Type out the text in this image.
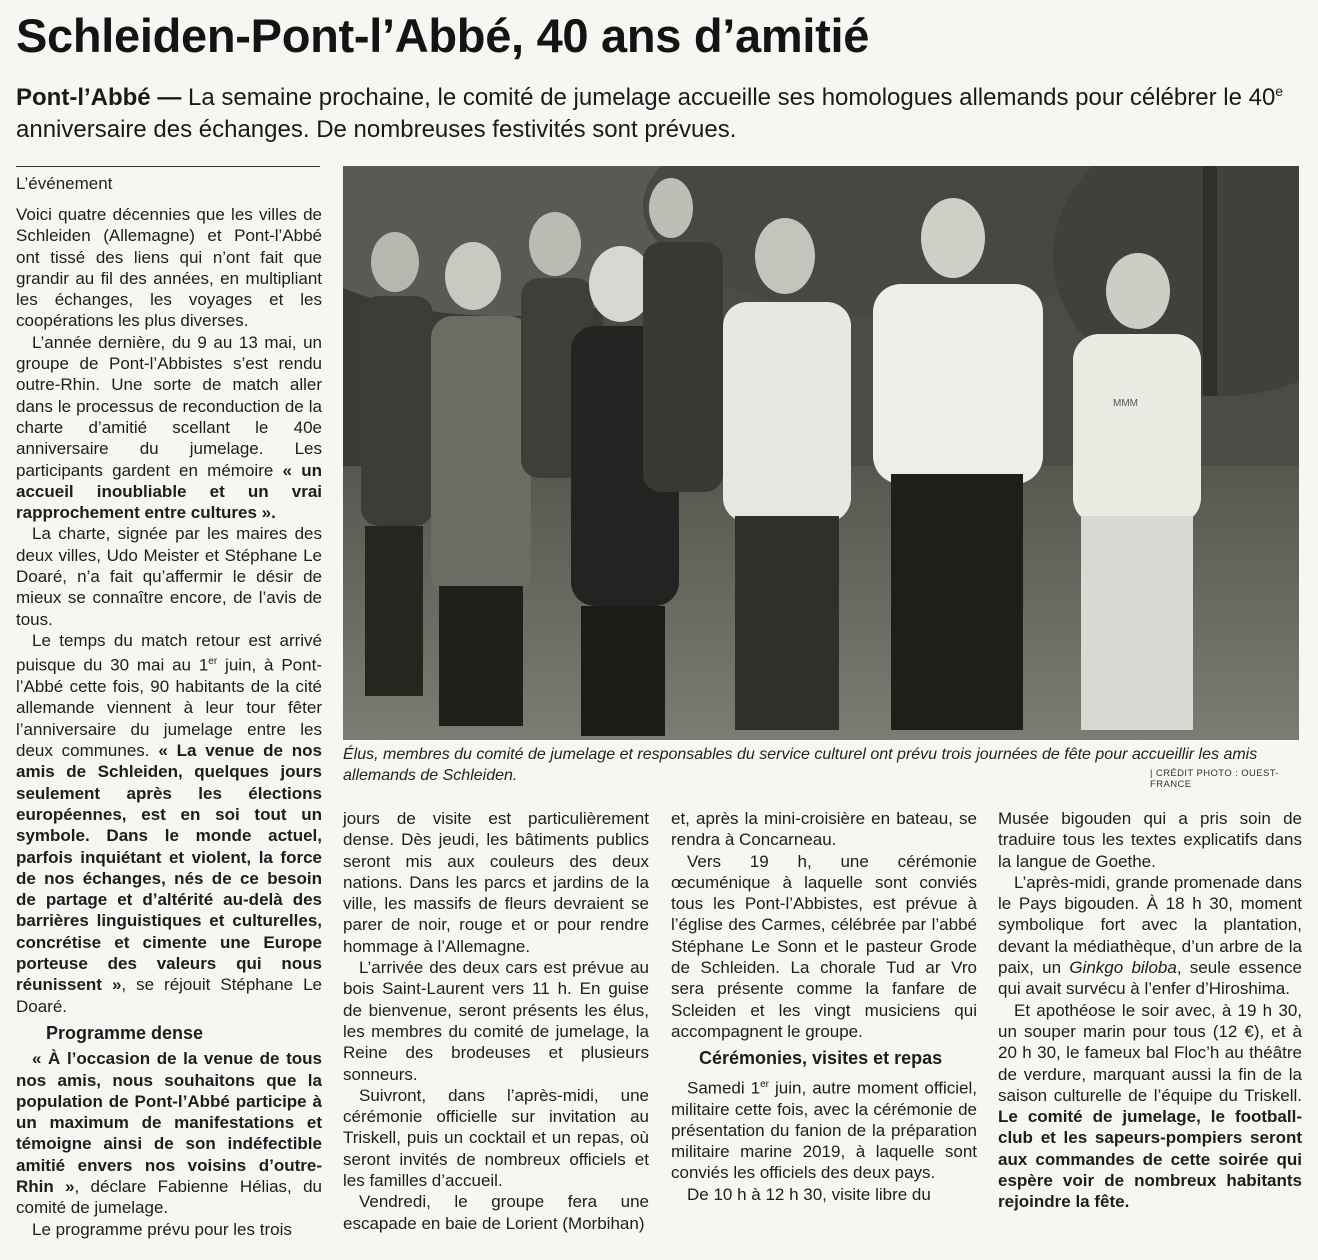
Schleiden-Pont-l’Abbé, 40 ans d’amitié
Pont-l’Abbé — La semaine prochaine, le comité de jumelage accueille ses homologues allemands pour célébrer le 40e anniversaire des échanges. De nombreuses festivités sont prévues.
L’événement

Voici quatre décennies que les villes de Schleiden (Allemagne) et Pont-l’Abbé ont tissé des liens qui n’ont fait que grandir au fil des années, en multipliant les échanges, les voyages et les coopérations les plus diverses.

L’année dernière, du 9 au 13 mai, un groupe de Pont-l’Abbistes s’est rendu outre-Rhin. Une sorte de match aller dans le processus de reconduction de la charte d’amitié scellant le 40e anniversaire du jumelage. Les participants gardent en mémoire « un accueil inoubliable et un vrai rapprochement entre cultures ».

La charte, signée par les maires des deux villes, Udo Meister et Stéphane Le Doaré, n’a fait qu’affermir le désir de mieux se connaître encore, de l’avis de tous.

Le temps du match retour est arrivé puisque du 30 mai au 1er juin, à Pont-l’Abbé cette fois, 90 habitants de la cité allemande viennent à leur tour fêter l’anniversaire du jumelage entre les deux communes. « La venue de nos amis de Schleiden, quelques jours seulement après les élections européennes, est en soi tout un symbole. Dans le monde actuel, parfois inquiétant et violent, la force de nos échanges, nés de ce besoin de partage et d’altérité au-delà des barrières linguistiques et culturelles, concrétise et cimente une Europe porteuse des valeurs qui nous réunissent », se réjouit Stéphane Le Doaré.

Programme dense

« À l’occasion de la venue de tous nos amis, nous souhaitons que la population de Pont-l’Abbé participe à un maximum de manifestations et témoigne ainsi de son indéfectible amitié envers nos voisins d’outre-Rhin », déclare Fabienne Hélias, du comité de jumelage.

Le programme prévu pour les trois

MMM
Élus, membres du comité de jumelage et responsables du service culturel ont prévu trois journées de fête pour accueillir les amis allemands de Schleiden.	| CRÉDIT PHOTO : OUEST-FRANCE

jours de visite est particulièrement dense. Dès jeudi, les bâtiments publics seront mis aux couleurs des deux nations. Dans les parcs et jardins de la ville, les massifs de fleurs devraient se parer de noir, rouge et or pour rendre hommage à l’Allemagne.

L’arrivée des deux cars est prévue au bois Saint-Laurent vers 11 h. En guise de bienvenue, seront présents les élus, les membres du comité de jumelage, la Reine des brodeuses et plusieurs sonneurs.

Suivront, dans l’après-midi, une cérémonie officielle sur invitation au Triskell, puis un cocktail et un repas, où seront invités de nombreux officiels et les familles d’accueil.

Vendredi, le groupe fera une escapade en baie de Lorient (Morbihan)

et, après la mini-croisière en bateau, se rendra à Concarneau.

Vers 19 h, une cérémonie œcuménique à laquelle sont conviés tous les Pont-l’Abbistes, est prévue à l’église des Carmes, célébrée par l’abbé Stéphane Le Sonn et le pasteur Grode de Schleiden. La chorale Tud ar Vro sera présente comme la fanfare de Scleiden et les vingt musiciens qui accompagnent le groupe.

Cérémonies, visites et repas

Samedi 1er juin, autre moment officiel, militaire cette fois, avec la cérémonie de présentation du fanion de la préparation militaire marine 2019, à laquelle sont conviés les officiels des deux pays.

De 10 h à 12 h 30, visite libre du

Musée bigouden qui a pris soin de traduire tous les textes explicatifs dans la langue de Goethe.

L’après-midi, grande promenade dans le Pays bigouden. À 18 h 30, moment symbolique fort avec la plantation, devant la médiathèque, d’un arbre de la paix, un Ginkgo biloba, seule essence qui avait survécu à l’enfer d’Hiroshima.

Et apothéose le soir avec, à 19 h 30, un souper marin pour tous (12 €), et à 20 h 30, le fameux bal Floc’h au théâtre de verdure, marquant aussi la fin de la saison culturelle de l’équipe du Triskell. Le comité de jumelage, le football-club et les sapeurs-pompiers seront aux commandes de cette soirée qui espère voir de nombreux habitants rejoindre la fête.
